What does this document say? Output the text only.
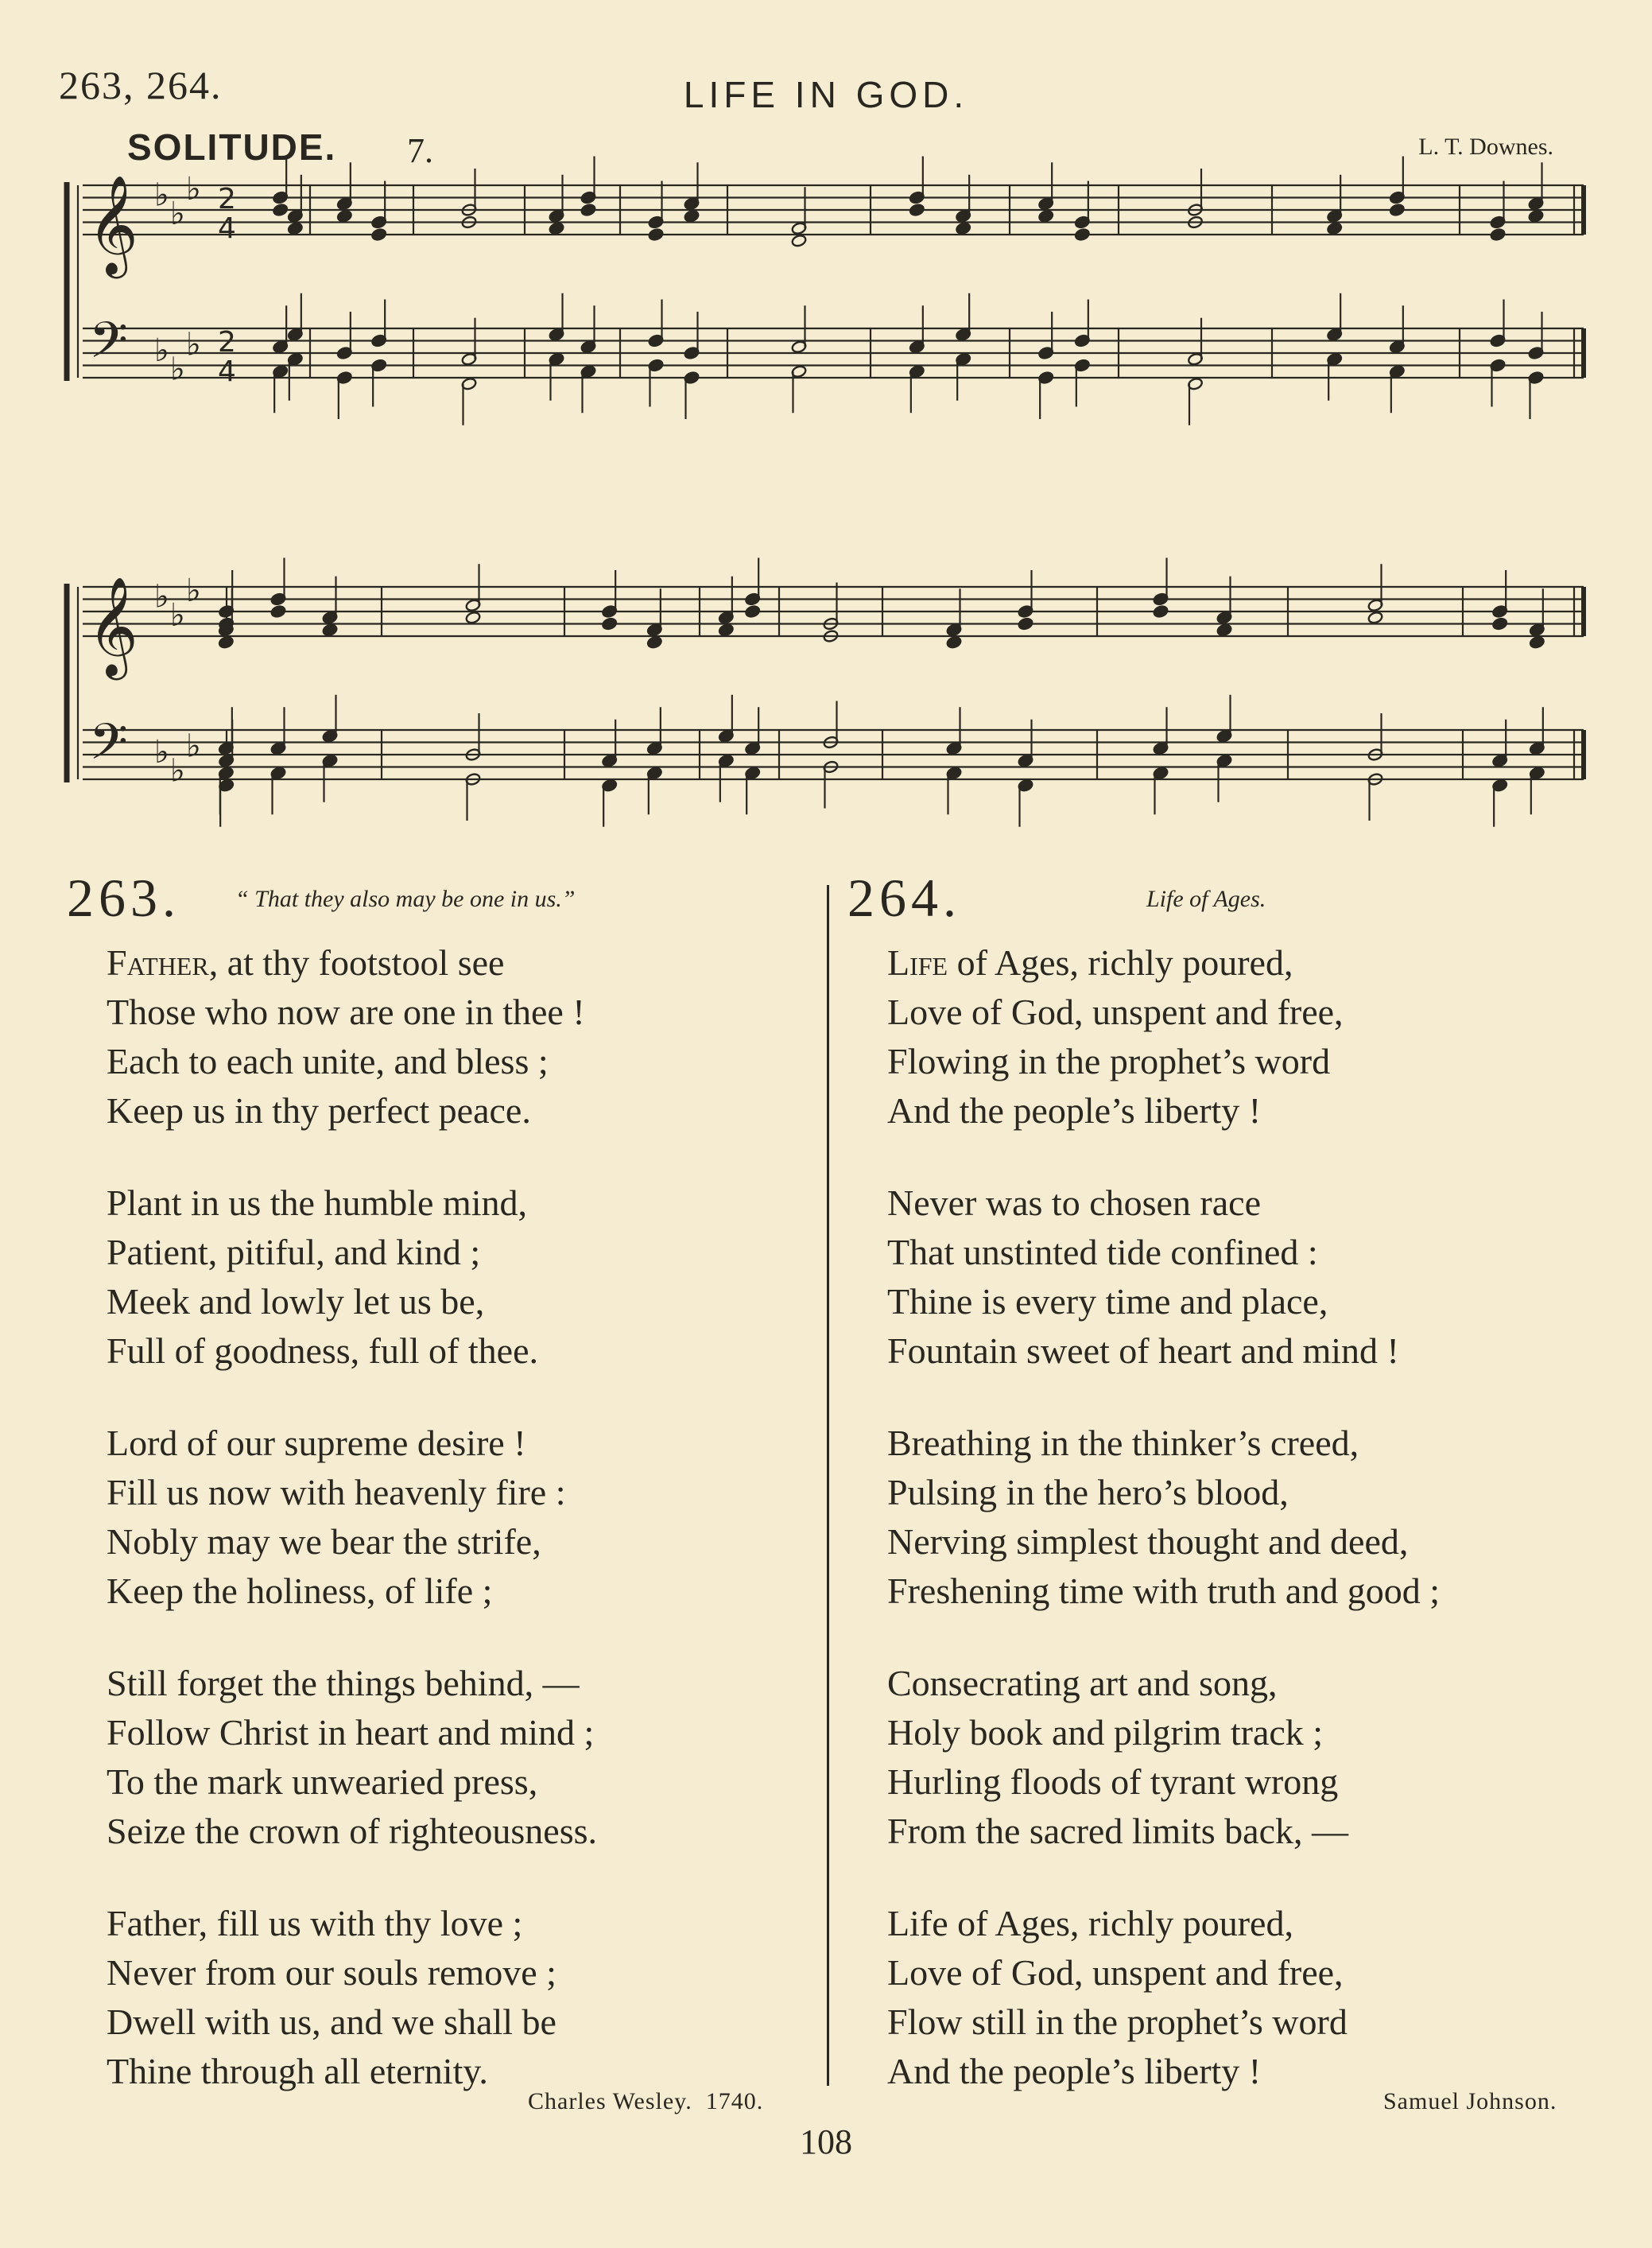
263, 264.	LIFE IN GOD.
SOLITUDE. 7.	L. T. Downes.
𝄞
𝄢
♭
♭
♭
♭
♭
♭
2
4
2
4
𝄞
𝄢
♭
♭
♭
♭
♭
♭
263. “ That they also may be one in us.”
Father, at thy footstool see
Those who now are one in thee !
Each to each unite, and bless ;
Keep us in thy perfect peace.
Plant in us the humble mind,
Patient, pitiful, and kind ;
Meek and lowly let us be,
Full of goodness, full of thee.
Lord of our supreme desire !
Fill us now with heavenly fire :
Nobly may we bear the strife,
Keep the holiness, of life ;
Still forget the things behind, —
Follow Christ in heart and mind ;
To the mark unwearied press,
Seize the crown of righteousness.
Father, fill us with thy love ;
Never from our souls remove ;
Dwell with us, and we shall be
Thine through all eternity.
264.	Life of Ages.
Life of Ages, richly poured,
Love of God, unspent and free,
Flowing in the prophet’s word
And the people’s liberty !
Never was to chosen race
That unstinted tide confined :
Thine is every time and place,
Fountain sweet of heart and mind !
Breathing in the thinker’s creed,
Pulsing in the hero’s blood,
Nerving simplest thought and deed,
Freshening time with truth and good ;
Consecrating art and song,
Holy book and pilgrim track ;
Hurling floods of tyrant wrong
From the sacred limits back, —
Life of Ages, richly poured,
Love of God, unspent and free,
Flow still in the prophet’s word
And the people’s liberty !
Charles Wesley. 1740.	Samuel Johnson.
108
